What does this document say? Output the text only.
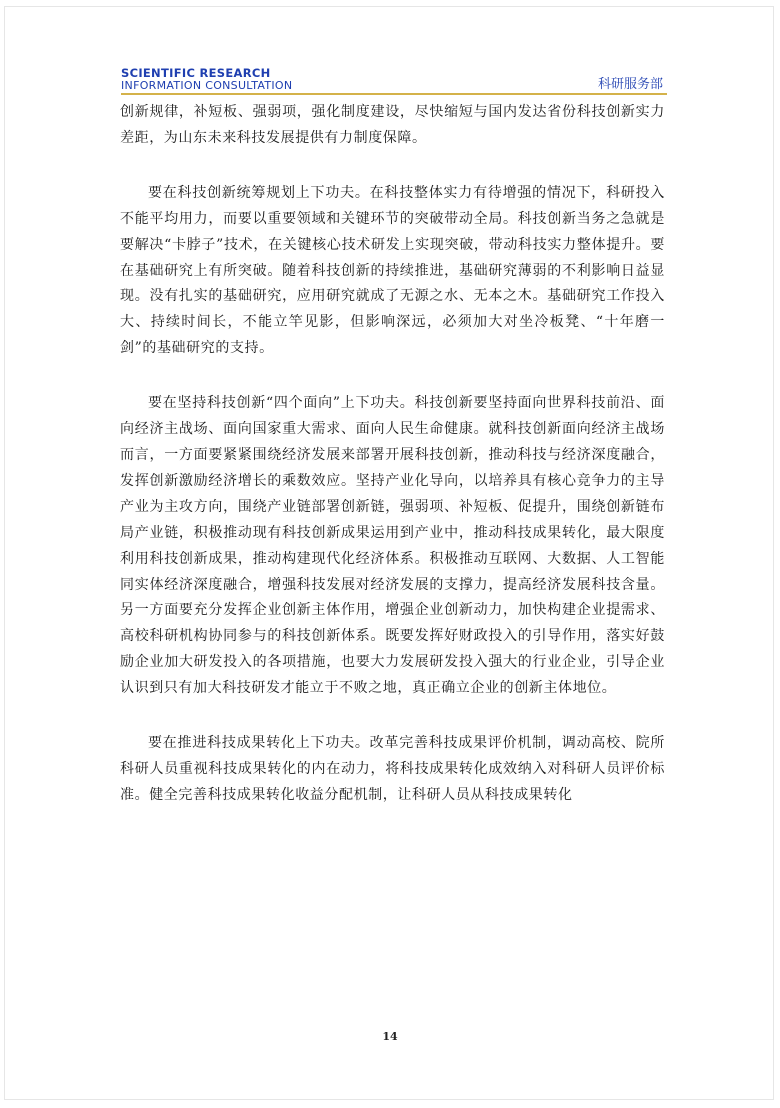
SCIENTIFIC RESEARCH
INFORMATION CONSULTATION	科研服务部

创新规律，补短板、强弱项，强化制度建设，尽快缩短与国内发达省份科技创新实力差距，为山东未来科技发展提供有力制度保障。

要在科技创新统筹规划上下功夫。在科技整体实力有待增强的情况下，科研投入不能平均用力，而要以重要领域和关键环节的突破带动全局。科技创新当务之急就是要解决“卡脖子”技术，在关键核心技术研发上实现突破，带动科技实力整体提升。要在基础研究上有所突破。随着科技创新的持续推进，基础研究薄弱的不利影响日益显现。没有扎实的基础研究，应用研究就成了无源之水、无本之木。基础研究工作投入大、持续时间长，不能立竿见影，但影响深远，必须加大对坐冷板凳、“十年磨一剑”的基础研究的支持。

要在坚持科技创新“四个面向”上下功夫。科技创新要坚持面向世界科技前沿、面向经济主战场、面向国家重大需求、面向人民生命健康。就科技创新面向经济主战场而言，一方面要紧紧围绕经济发展来部署开展科技创新，推动科技与经济深度融合，发挥创新激励经济增长的乘数效应。坚持产业化导向，以培养具有核心竞争力的主导产业为主攻方向，围绕产业链部署创新链，强弱项、补短板、促提升，围绕创新链布局产业链，积极推动现有科技创新成果运用到产业中，推动科技成果转化，最大限度利用科技创新成果，推动构建现代化经济体系。积极推动互联网、大数据、人工智能同实体经济深度融合，增强科技发展对经济发展的支撑力，提高经济发展科技含量。另一方面要充分发挥企业创新主体作用，增强企业创新动力，加快构建企业提需求、高校科研机构协同参与的科技创新体系。既要发挥好财政投入的引导作用，落实好鼓励企业加大研发投入的各项措施，也要大力发展研发投入强大的行业企业，引导企业认识到只有加大科技研发才能立于不败之地，真正确立企业的创新主体地位。

要在推进科技成果转化上下功夫。改革完善科技成果评价机制，调动高校、院所科研人员重视科技成果转化的内在动力，将科技成果转化成效纳入对科研人员评价标准。健全完善科技成果转化收益分配机制，让科研人员从科技成果转化

14
